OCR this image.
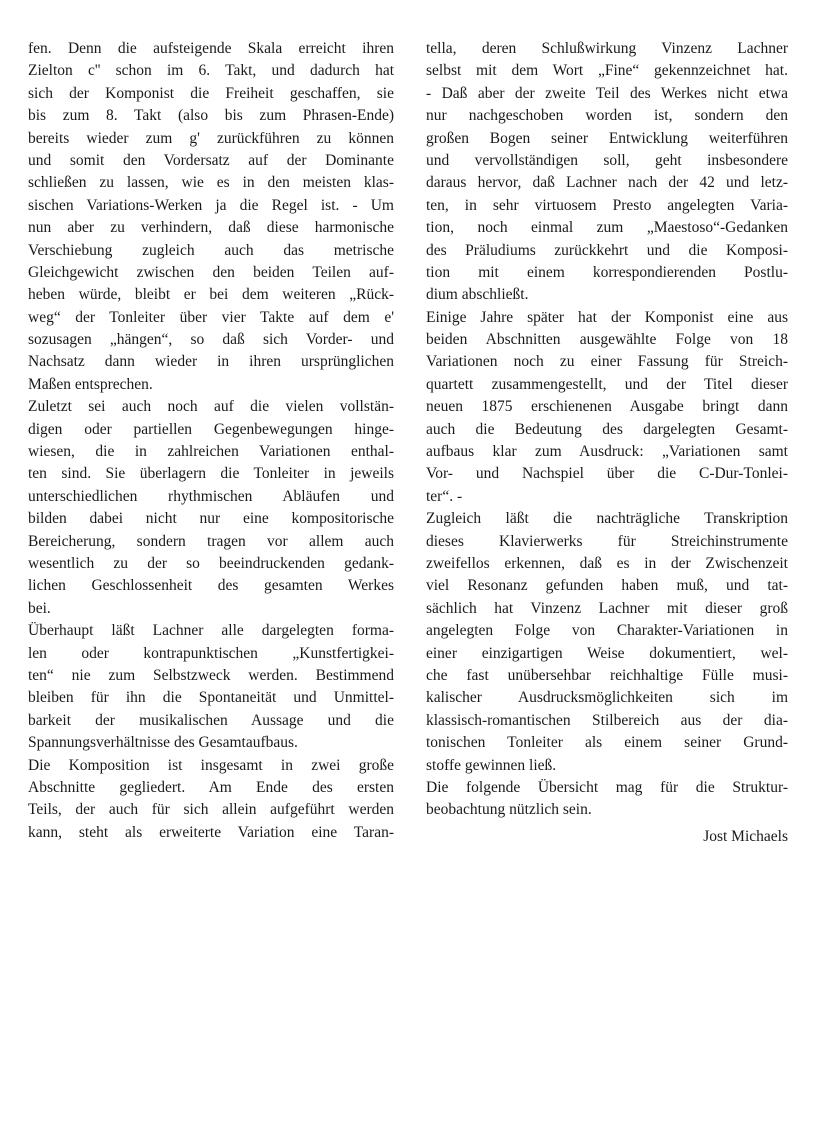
fen. Denn die aufsteigende Skala erreicht ihren
Zielton c'' schon im 6. Takt, und dadurch hat
sich der Komponist die Freiheit geschaffen, sie
bis zum 8. Takt (also bis zum Phrasen-Ende)
bereits wieder zum g' zurückführen zu können
und somit den Vordersatz auf der Dominante
schließen zu lassen, wie es in den meisten klas-
sischen Variations-Werken ja die Regel ist. - Um
nun aber zu verhindern, daß diese harmonische
Verschiebung zugleich auch das metrische
Gleichgewicht zwischen den beiden Teilen auf-
heben würde, bleibt er bei dem weiteren „Rück-
weg“ der Tonleiter über vier Takte auf dem e'
sozusagen „hängen“, so daß sich Vorder- und
Nachsatz dann wieder in ihren ursprünglichen
Maßen entsprechen.
Zuletzt sei auch noch auf die vielen vollstän-
digen oder partiellen Gegenbewegungen hinge-
wiesen, die in zahlreichen Variationen enthal-
ten sind. Sie überlagern die Tonleiter in jeweils
unterschiedlichen rhythmischen Abläufen und
bilden dabei nicht nur eine kompositorische
Bereicherung, sondern tragen vor allem auch
wesentlich zu der so beeindruckenden gedank-
lichen Geschlossenheit des gesamten Werkes
bei.
Überhaupt läßt Lachner alle dargelegten forma-
len oder kontrapunktischen „Kunstfertigkei-
ten“ nie zum Selbstzweck werden. Bestimmend
bleiben für ihn die Spontaneität und Unmittel-
barkeit der musikalischen Aussage und die
Spannungsverhältnisse des Gesamtaufbaus.
Die Komposition ist insgesamt in zwei große
Abschnitte gegliedert. Am Ende des ersten
Teils, der auch für sich allein aufgeführt werden
kann, steht als erweiterte Variation eine Taran-
tella, deren Schlußwirkung Vinzenz Lachner
selbst mit dem Wort „Fine“ gekennzeichnet hat.
- Daß aber der zweite Teil des Werkes nicht etwa
nur nachgeschoben worden ist, sondern den
großen Bogen seiner Entwicklung weiterführen
und vervollständigen soll, geht insbesondere
daraus hervor, daß Lachner nach der 42 und letz-
ten, in sehr virtuosem Presto angelegten Varia-
tion, noch einmal zum „Maestoso“-Gedanken
des Präludiums zurückkehrt und die Komposi-
tion mit einem korrespondierenden Postlu-
dium abschließt.
Einige Jahre später hat der Komponist eine aus
beiden Abschnitten ausgewählte Folge von 18
Variationen noch zu einer Fassung für Streich-
quartett zusammengestellt, und der Titel dieser
neuen 1875 erschienenen Ausgabe bringt dann
auch die Bedeutung des dargelegten Gesamt-
aufbaus klar zum Ausdruck: „Variationen samt
Vor- und Nachspiel über die C-Dur-Tonlei-
ter“. -
Zugleich läßt die nachträgliche Transkription
dieses Klavierwerks für Streichinstrumente
zweifellos erkennen, daß es in der Zwischenzeit
viel Resonanz gefunden haben muß, und tat-
sächlich hat Vinzenz Lachner mit dieser groß
angelegten Folge von Charakter-Variationen in
einer einzigartigen Weise dokumentiert, wel-
che fast unübersehbar reichhaltige Fülle musi-
kalischer Ausdrucksmöglichkeiten sich im
klassisch-romantischen Stilbereich aus der dia-
tonischen Tonleiter als einem seiner Grund-
stoffe gewinnen ließ.
Die folgende Übersicht mag für die Struktur-
beobachtung nützlich sein.
Jost Michaels
